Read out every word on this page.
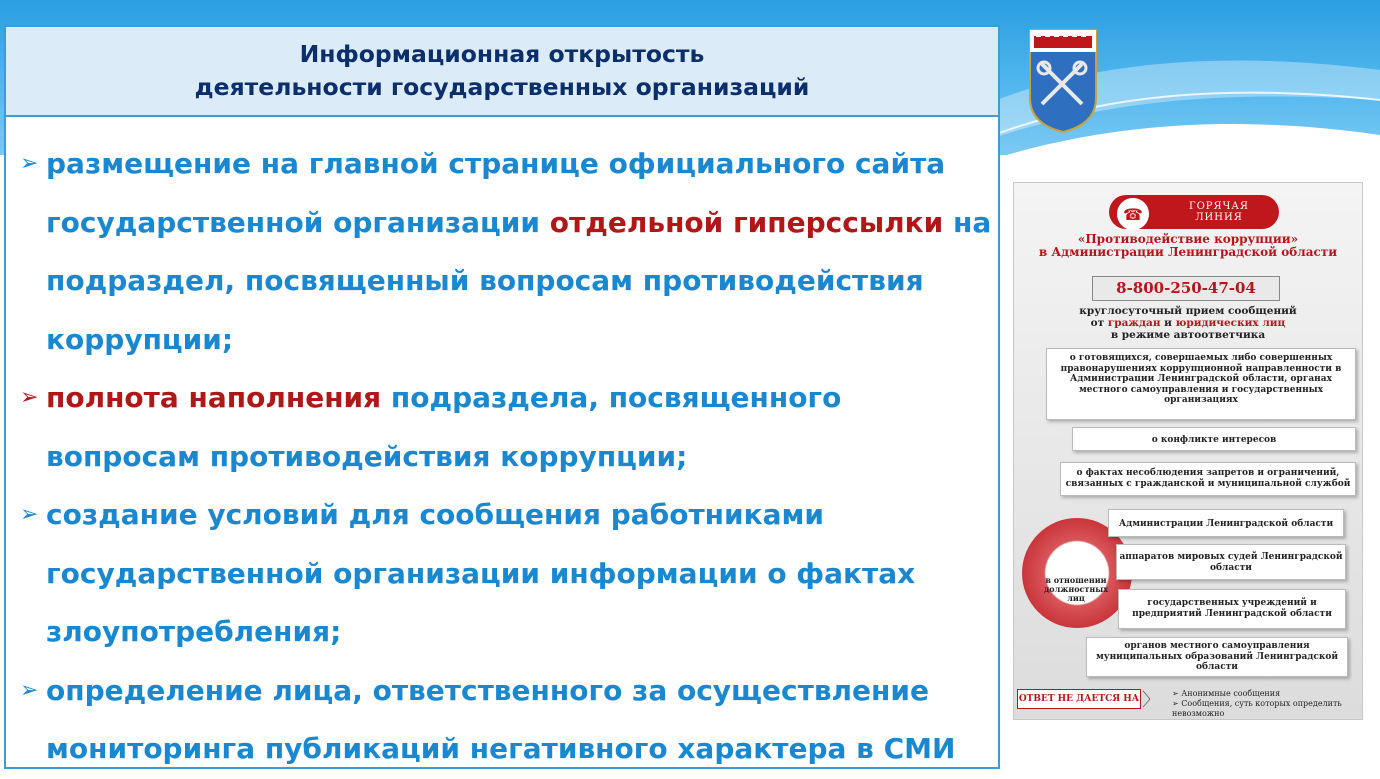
Информационная открытость
деятельности государственных организаций
➢ размещение на главной странице официального сайта государственной организации отдельной гиперссылки на подраздел, посвященный вопросам противодействия коррупции;
➢ полнота наполнения подраздела, посвященного вопросам противодействия коррупции;
➢ создание условий для сообщения работниками государственной организации информации о фактах злоупотребления;
➢ определение лица, ответственного за осуществление мониторинга публикаций негативного характера в СМИ
☎	ГОРЯЧАЯ
ЛИНИЯ
«Противодействие коррупции»
в Администрации Ленинградской области
8-800-250-47-04
круглосуточный прием сообщений
от граждан и юридических лиц
в режиме автоответчика
о готовящихся, совершаемых либо совершенных правонарушениях коррупционной направленности в Администрации Ленинградской области, органах местного самоуправления и государственных организациях
о конфликте интересов
о фактах несоблюдения запретов и ограничений, связанных с гражданской и муниципальной службой
в отношении должностных лиц
Администрации Ленинградской области
аппаратов мировых судей Ленинградской области
государственных учреждений и предприятий Ленинградской области
органов местного самоуправления муниципальных образований Ленинградской области
ОТВЕТ НЕ ДАЕТСЯ НА 〉 ➢ Анонимные сообщения
➢ Сообщения, суть которых определить невозможно
